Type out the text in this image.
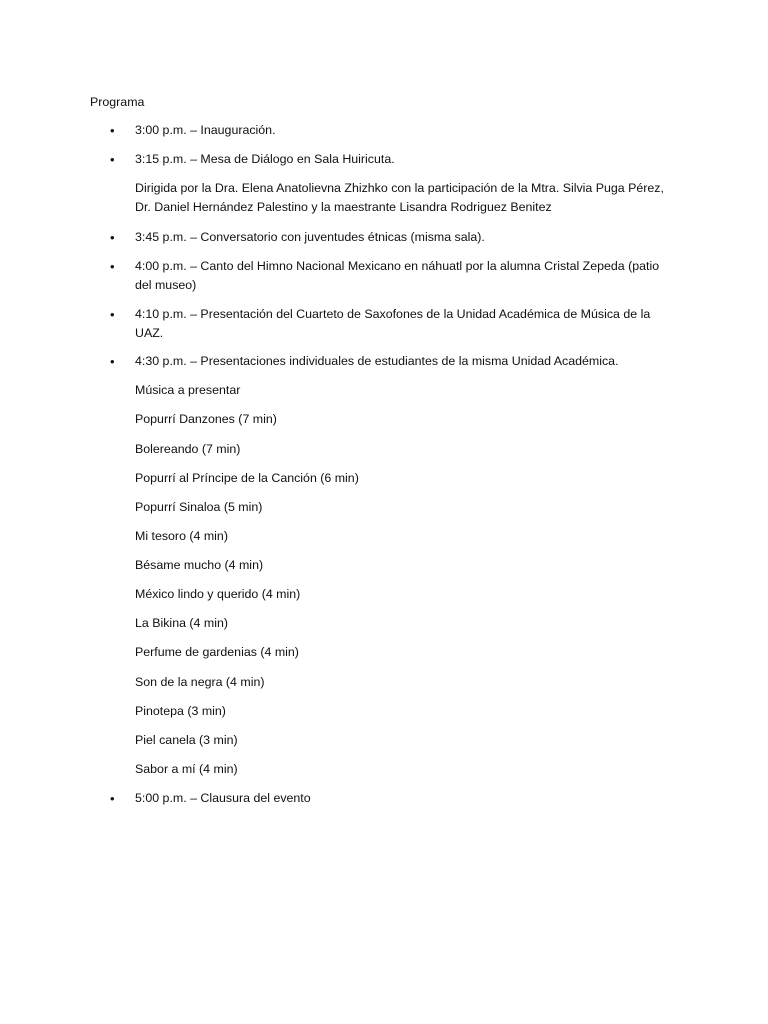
Programa
• 3:00 p.m. – Inauguración.
• 3:15 p.m. – Mesa de Diálogo en Sala Huiricuta.
Dirigida por la Dra. Elena Anatolievna Zhizhko con la participación de la Mtra. Silvia Puga Pérez,
Dr. Daniel Hernández Palestino y la maestrante Lisandra Rodriguez Benitez
• 3:45 p.m. – Conversatorio con juventudes étnicas (misma sala).
• 4:00 p.m. – Canto del Himno Nacional Mexicano en náhuatl por la alumna Cristal Zepeda (patio
del museo)
• 4:10 p.m. – Presentación del Cuarteto de Saxofones de la Unidad Académica de Música de la
UAZ.
• 4:30 p.m. – Presentaciones individuales de estudiantes de la misma Unidad Académica.
Música a presentar
Popurrí Danzones (7 min)
Bolereando (7 min)
Popurrí al Príncipe de la Canción (6 min)
Popurrí Sinaloa (5 min)
Mi tesoro (4 min)
Bésame mucho (4 min)
México lindo y querido (4 min)
La Bikina (4 min)
Perfume de gardenias (4 min)
Son de la negra (4 min)
Pinotepa (3 min)
Piel canela (3 min)
Sabor a mí (4 min)
• 5:00 p.m. – Clausura del evento
